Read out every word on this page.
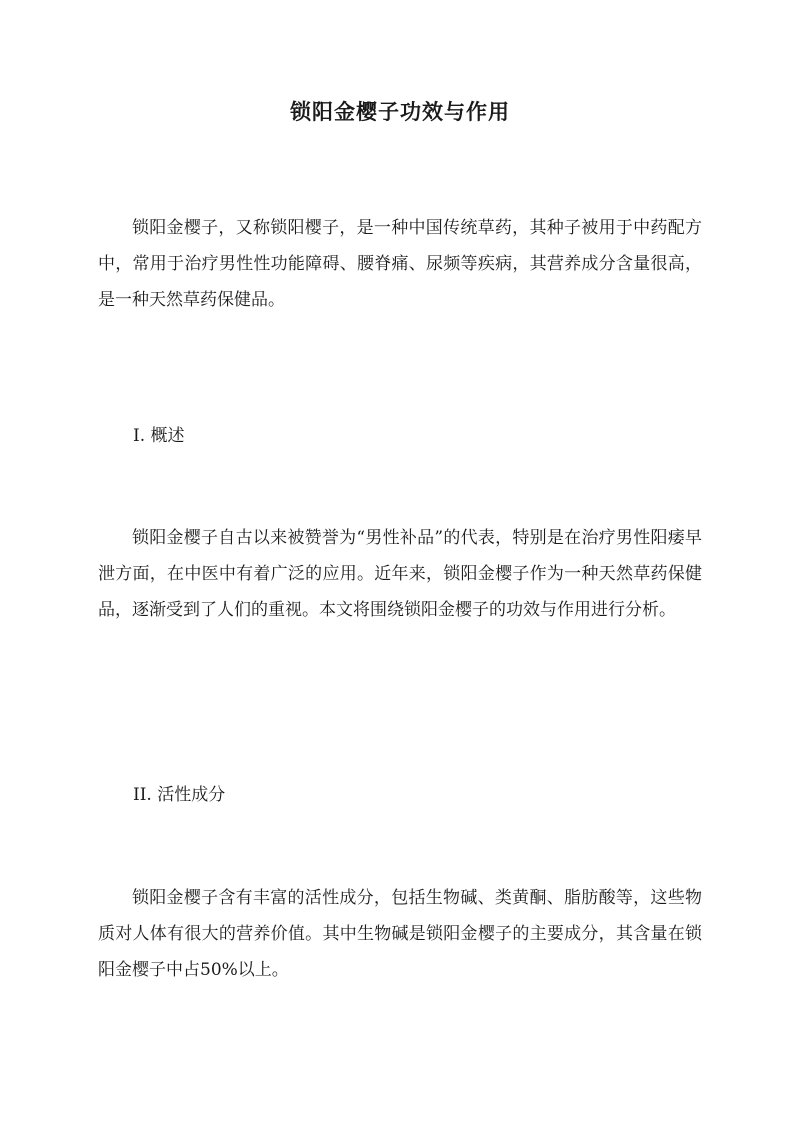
锁阳金樱子功效与作用

锁阳金樱子，又称锁阳樱子，是一种中国传统草药，其种子被用于中药配方中，常用于治疗男性性功能障碍、腰脊痛、尿频等疾病，其营养成分含量很高，是一种天然草药保健品。

I. 概述

锁阳金樱子自古以来被赞誉为“男性补品”的代表，特别是在治疗男性阳痿早泄方面，在中医中有着广泛的应用。近年来，锁阳金樱子作为一种天然草药保健品，逐渐受到了人们的重视。本文将围绕锁阳金樱子的功效与作用进行分析。

II. 活性成分

锁阳金樱子含有丰富的活性成分，包括生物碱、类黄酮、脂肪酸等，这些物质对人体有很大的营养价值。其中生物碱是锁阳金樱子的主要成分，其含量在锁阳金樱子中占50%以上。
